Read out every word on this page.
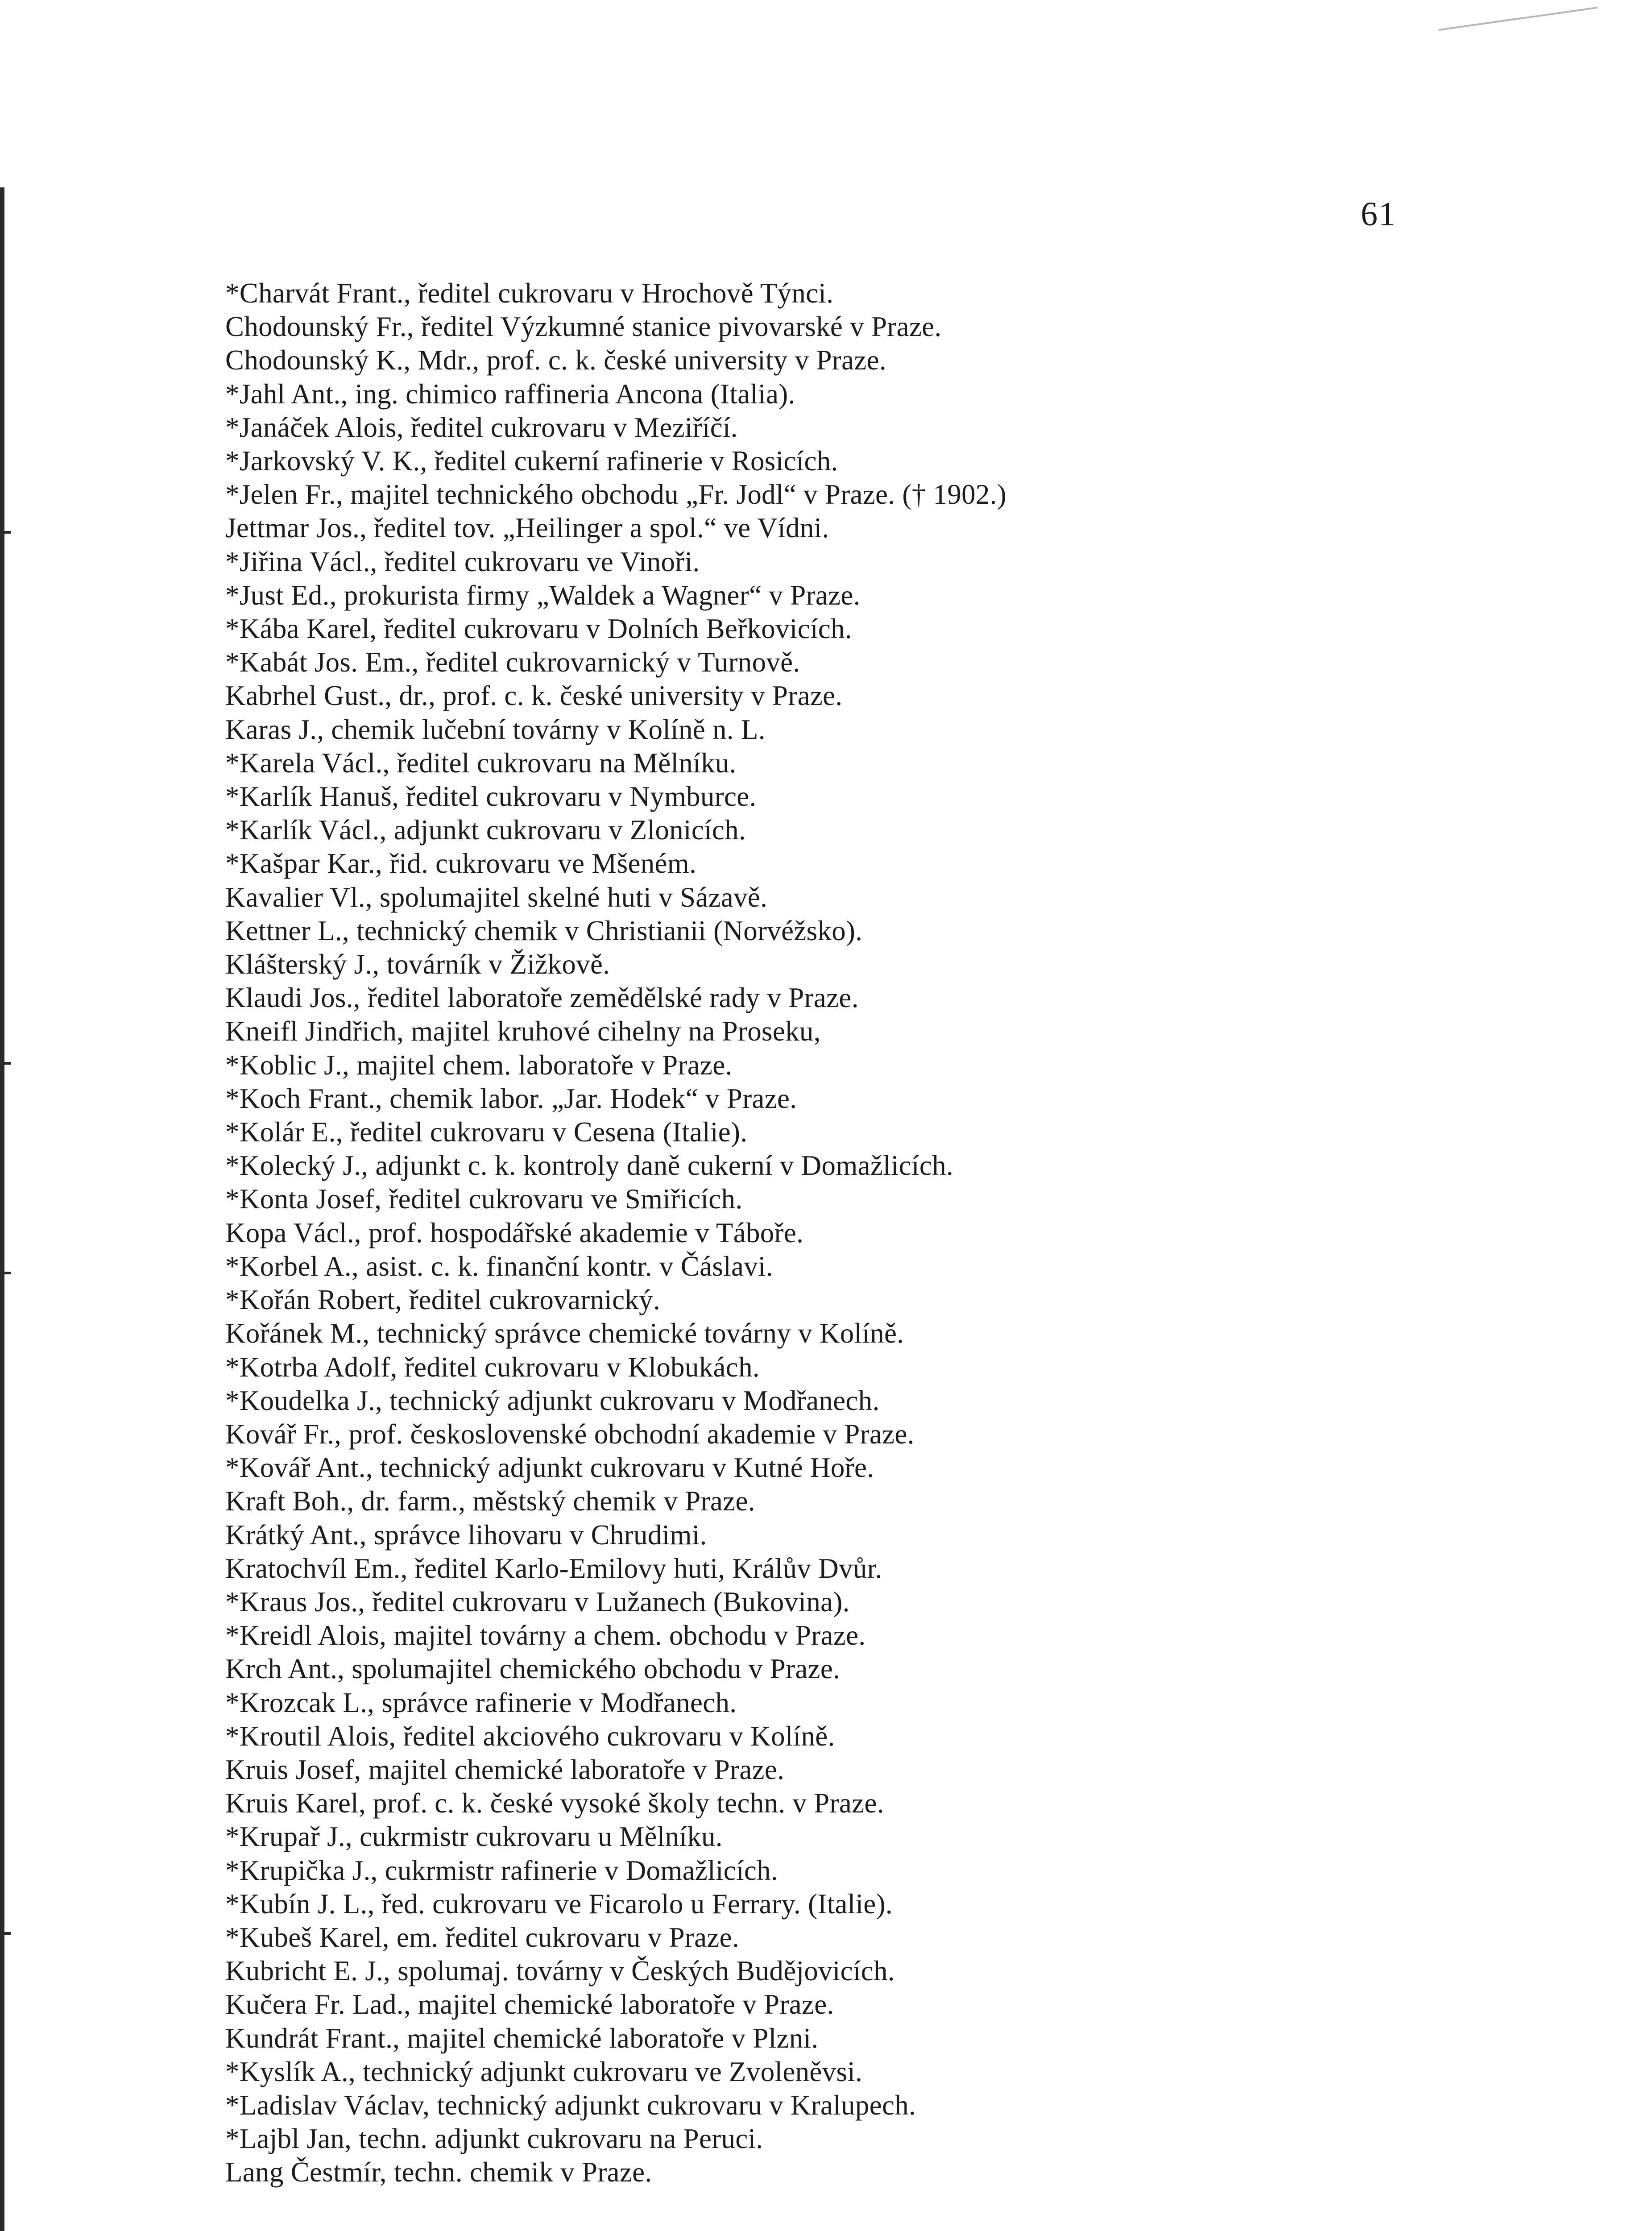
61
*Charvát Frant., ředitel cukrovaru v Hrochově Týnci.
Chodounský Fr., ředitel Výzkumné stanice pivovarské v Praze.
Chodounský K., Mdr., prof. c. k. české university v Praze.
*Jahl Ant., ing. chimico raffineria Ancona (Italia).
*Janáček Alois, ředitel cukrovaru v Meziříčí.
*Jarkovský V. K., ředitel cukerní rafinerie v Rosicích.
*Jelen Fr., majitel technického obchodu „Fr. Jodl“ v Praze. († 1902.)
Jettmar Jos., ředitel tov. „Heilinger a spol.“ ve Vídni.
*Jiřina Václ., ředitel cukrovaru ve Vinoři.
*Just Ed., prokurista firmy „Waldek a Wagner“ v Praze.
*Kába Karel, ředitel cukrovaru v Dolních Beřkovicích.
*Kabát Jos. Em., ředitel cukrovarnický v Turnově.
Kabrhel Gust., dr., prof. c. k. české university v Praze.
Karas J., chemik lučební továrny v Kolíně n. L.
*Karela Václ., ředitel cukrovaru na Mělníku.
*Karlík Hanuš, ředitel cukrovaru v Nymburce.
*Karlík Václ., adjunkt cukrovaru v Zlonicích.
*Kašpar Kar., řid. cukrovaru ve Mšeném.
Kavalier Vl., spolumajitel skelné huti v Sázavě.
Kettner L., technický chemik v Christianii (Norvéžsko).
Klášterský J., továrník v Žižkově.
Klaudi Jos., ředitel laboratoře zemědělské rady v Praze.
Kneifl Jindřich, majitel kruhové cihelny na Proseku,
*Koblic J., majitel chem. laboratoře v Praze.
*Koch Frant., chemik labor. „Jar. Hodek“ v Praze.
*Kolár E., ředitel cukrovaru v Cesena (Italie).
*Kolecký J., adjunkt c. k. kontroly daně cukerní v Domažlicích.
*Konta Josef, ředitel cukrovaru ve Smiřicích.
Kopa Václ., prof. hospodářské akademie v Táboře.
*Korbel A., asist. c. k. finanční kontr. v Čáslavi.
*Kořán Robert, ředitel cukrovarnický.
Kořánek M., technický správce chemické továrny v Kolíně.
*Kotrba Adolf, ředitel cukrovaru v Klobukách.
*Koudelka J., technický adjunkt cukrovaru v Modřanech.
Kovář Fr., prof. československé obchodní akademie v Praze.
*Kovář Ant., technický adjunkt cukrovaru v Kutné Hoře.
Kraft Boh., dr. farm., městský chemik v Praze.
Krátký Ant., správce lihovaru v Chrudimi.
Kratochvíl Em., ředitel Karlo-Emilovy huti, Králův Dvůr.
*Kraus Jos., ředitel cukrovaru v Lužanech (Bukovina).
*Kreidl Alois, majitel továrny a chem. obchodu v Praze.
Krch Ant., spolumajitel chemického obchodu v Praze.
*Krozcak L., správce rafinerie v Modřanech.
*Kroutil Alois, ředitel akciového cukrovaru v Kolíně.
Kruis Josef, majitel chemické laboratoře v Praze.
Kruis Karel, prof. c. k. české vysoké školy techn. v Praze.
*Krupař J., cukrmistr cukrovaru u Mělníku.
*Krupička J., cukrmistr rafinerie v Domažlicích.
*Kubín J. L., řed. cukrovaru ve Ficarolo u Ferrary. (Italie).
*Kubeš Karel, em. ředitel cukrovaru v Praze.
Kubricht E. J., spolumaj. továrny v Českých Budějovicích.
Kučera Fr. Lad., majitel chemické laboratoře v Praze.
Kundrát Frant., majitel chemické laboratoře v Plzni.
*Kyslík A., technický adjunkt cukrovaru ve Zvoleněvsi.
*Ladislav Václav, technický adjunkt cukrovaru v Kralupech.
*Lajbl Jan, techn. adjunkt cukrovaru na Peruci.
Lang Čestmír, techn. chemik v Praze.
